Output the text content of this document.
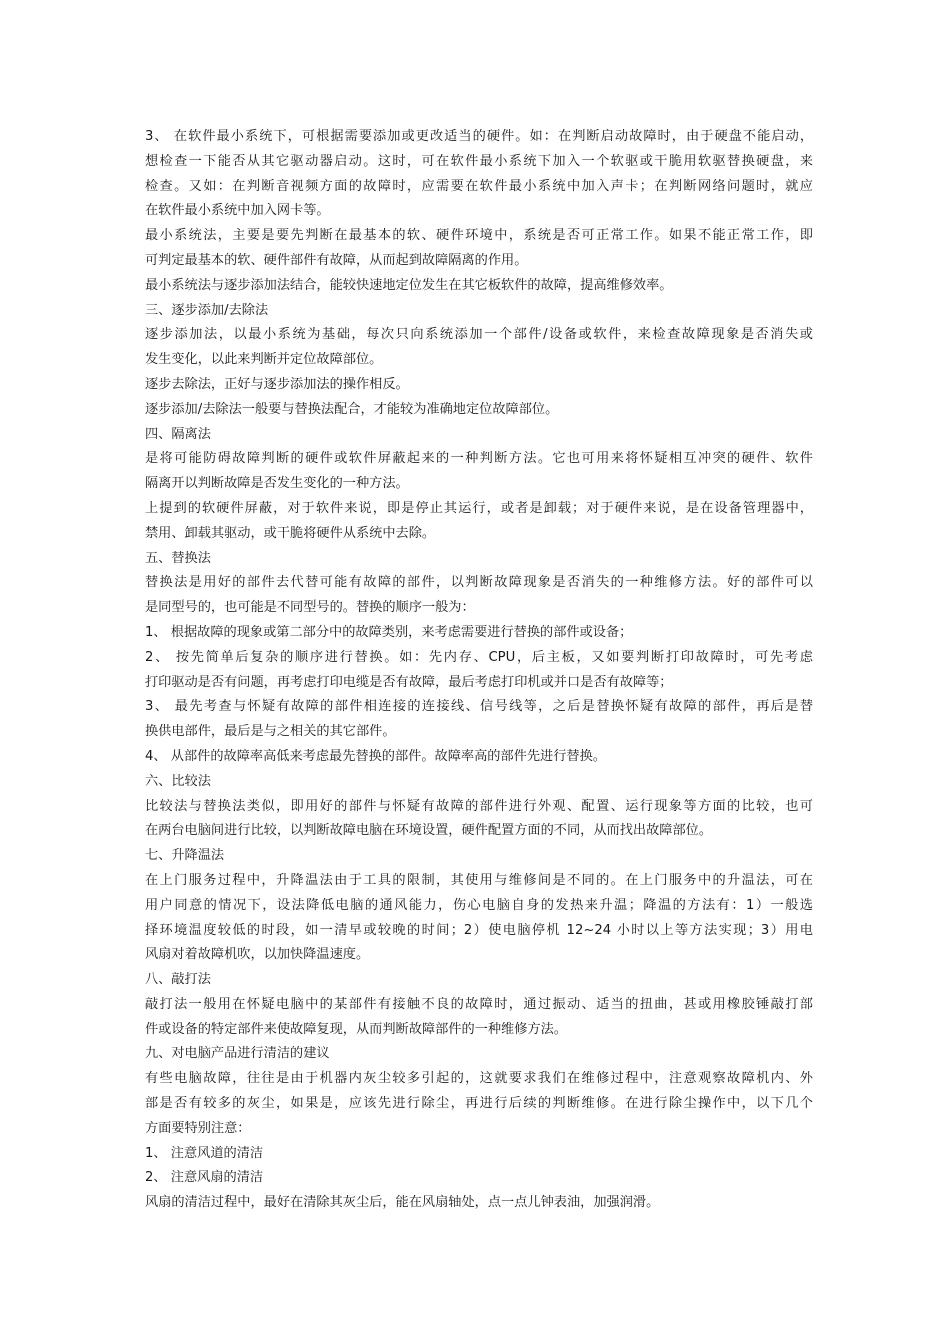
3、 在软件最小系统下，可根据需要添加或更改适当的硬件。如：在判断启动故障时，由于硬盘不能启动，
想检查一下能否从其它驱动器启动。这时，可在软件最小系统下加入一个软驱或干脆用软驱替换硬盘，来
检查。又如：在判断音视频方面的故障时，应需要在软件最小系统中加入声卡；在判断网络问题时，就应
在软件最小系统中加入网卡等。
最小系统法，主要是要先判断在最基本的软、硬件环境中，系统是否可正常工作。如果不能正常工作，即
可判定最基本的软、硬件部件有故障，从而起到故障隔离的作用。
最小系统法与逐步添加法结合，能较快速地定位发生在其它板软件的故障，提高维修效率。
三、逐步添加/去除法
逐步添加法，以最小系统为基础，每次只向系统添加一个部件/设备或软件，来检查故障现象是否消失或
发生变化，以此来判断并定位故障部位。
逐步去除法，正好与逐步添加法的操作相反。
逐步添加/去除法一般要与替换法配合，才能较为准确地定位故障部位。
四、隔离法
是将可能防碍故障判断的硬件或软件屏蔽起来的一种判断方法。它也可用来将怀疑相互冲突的硬件、软件
隔离开以判断故障是否发生变化的一种方法。
上提到的软硬件屏蔽，对于软件来说，即是停止其运行，或者是卸载；对于硬件来说，是在设备管理器中，
禁用、卸载其驱动，或干脆将硬件从系统中去除。
五、替换法
替换法是用好的部件去代替可能有故障的部件，以判断故障现象是否消失的一种维修方法。好的部件可以
是同型号的，也可能是不同型号的。替换的顺序一般为：
1、 根据故障的现象或第二部分中的故障类别，来考虑需要进行替换的部件或设备；
2、 按先简单后复杂的顺序进行替换。如：先内存、CPU，后主板，又如要判断打印故障时，可先考虑
打印驱动是否有问题，再考虑打印电缆是否有故障，最后考虑打印机或并口是否有故障等；
3、 最先考查与怀疑有故障的部件相连接的连接线、信号线等，之后是替换怀疑有故障的部件，再后是替
换供电部件，最后是与之相关的其它部件。
4、 从部件的故障率高低来考虑最先替换的部件。故障率高的部件先进行替换。
六、比较法
比较法与替换法类似，即用好的部件与怀疑有故障的部件进行外观、配置、运行现象等方面的比较，也可
在两台电脑间进行比较，以判断故障电脑在环境设置，硬件配置方面的不同，从而找出故障部位。
七、升降温法
在上门服务过程中，升降温法由于工具的限制，其使用与维修间是不同的。在上门服务中的升温法，可在
用户同意的情况下，设法降低电脑的通风能力，伤心电脑自身的发热来升温；降温的方法有：1）一般选
择环境温度较低的时段，如一清早或较晚的时间；2）使电脑停机 12~24 小时以上等方法实现；3）用电
风扇对着故障机吹，以加快降温速度。
八、敲打法
敲打法一般用在怀疑电脑中的某部件有接触不良的故障时，通过振动、适当的扭曲，甚或用橡胶锤敲打部
件或设备的特定部件来使故障复现，从而判断故障部件的一种维修方法。
九、对电脑产品进行清洁的建议
有些电脑故障，往往是由于机器内灰尘较多引起的，这就要求我们在维修过程中，注意观察故障机内、外
部是否有较多的灰尘，如果是，应该先进行除尘，再进行后续的判断维修。在进行除尘操作中，以下几个
方面要特别注意：
1、 注意风道的清洁
2、 注意风扇的清洁
风扇的清洁过程中，最好在清除其灰尘后，能在风扇轴处，点一点儿钟表油，加强润滑。
